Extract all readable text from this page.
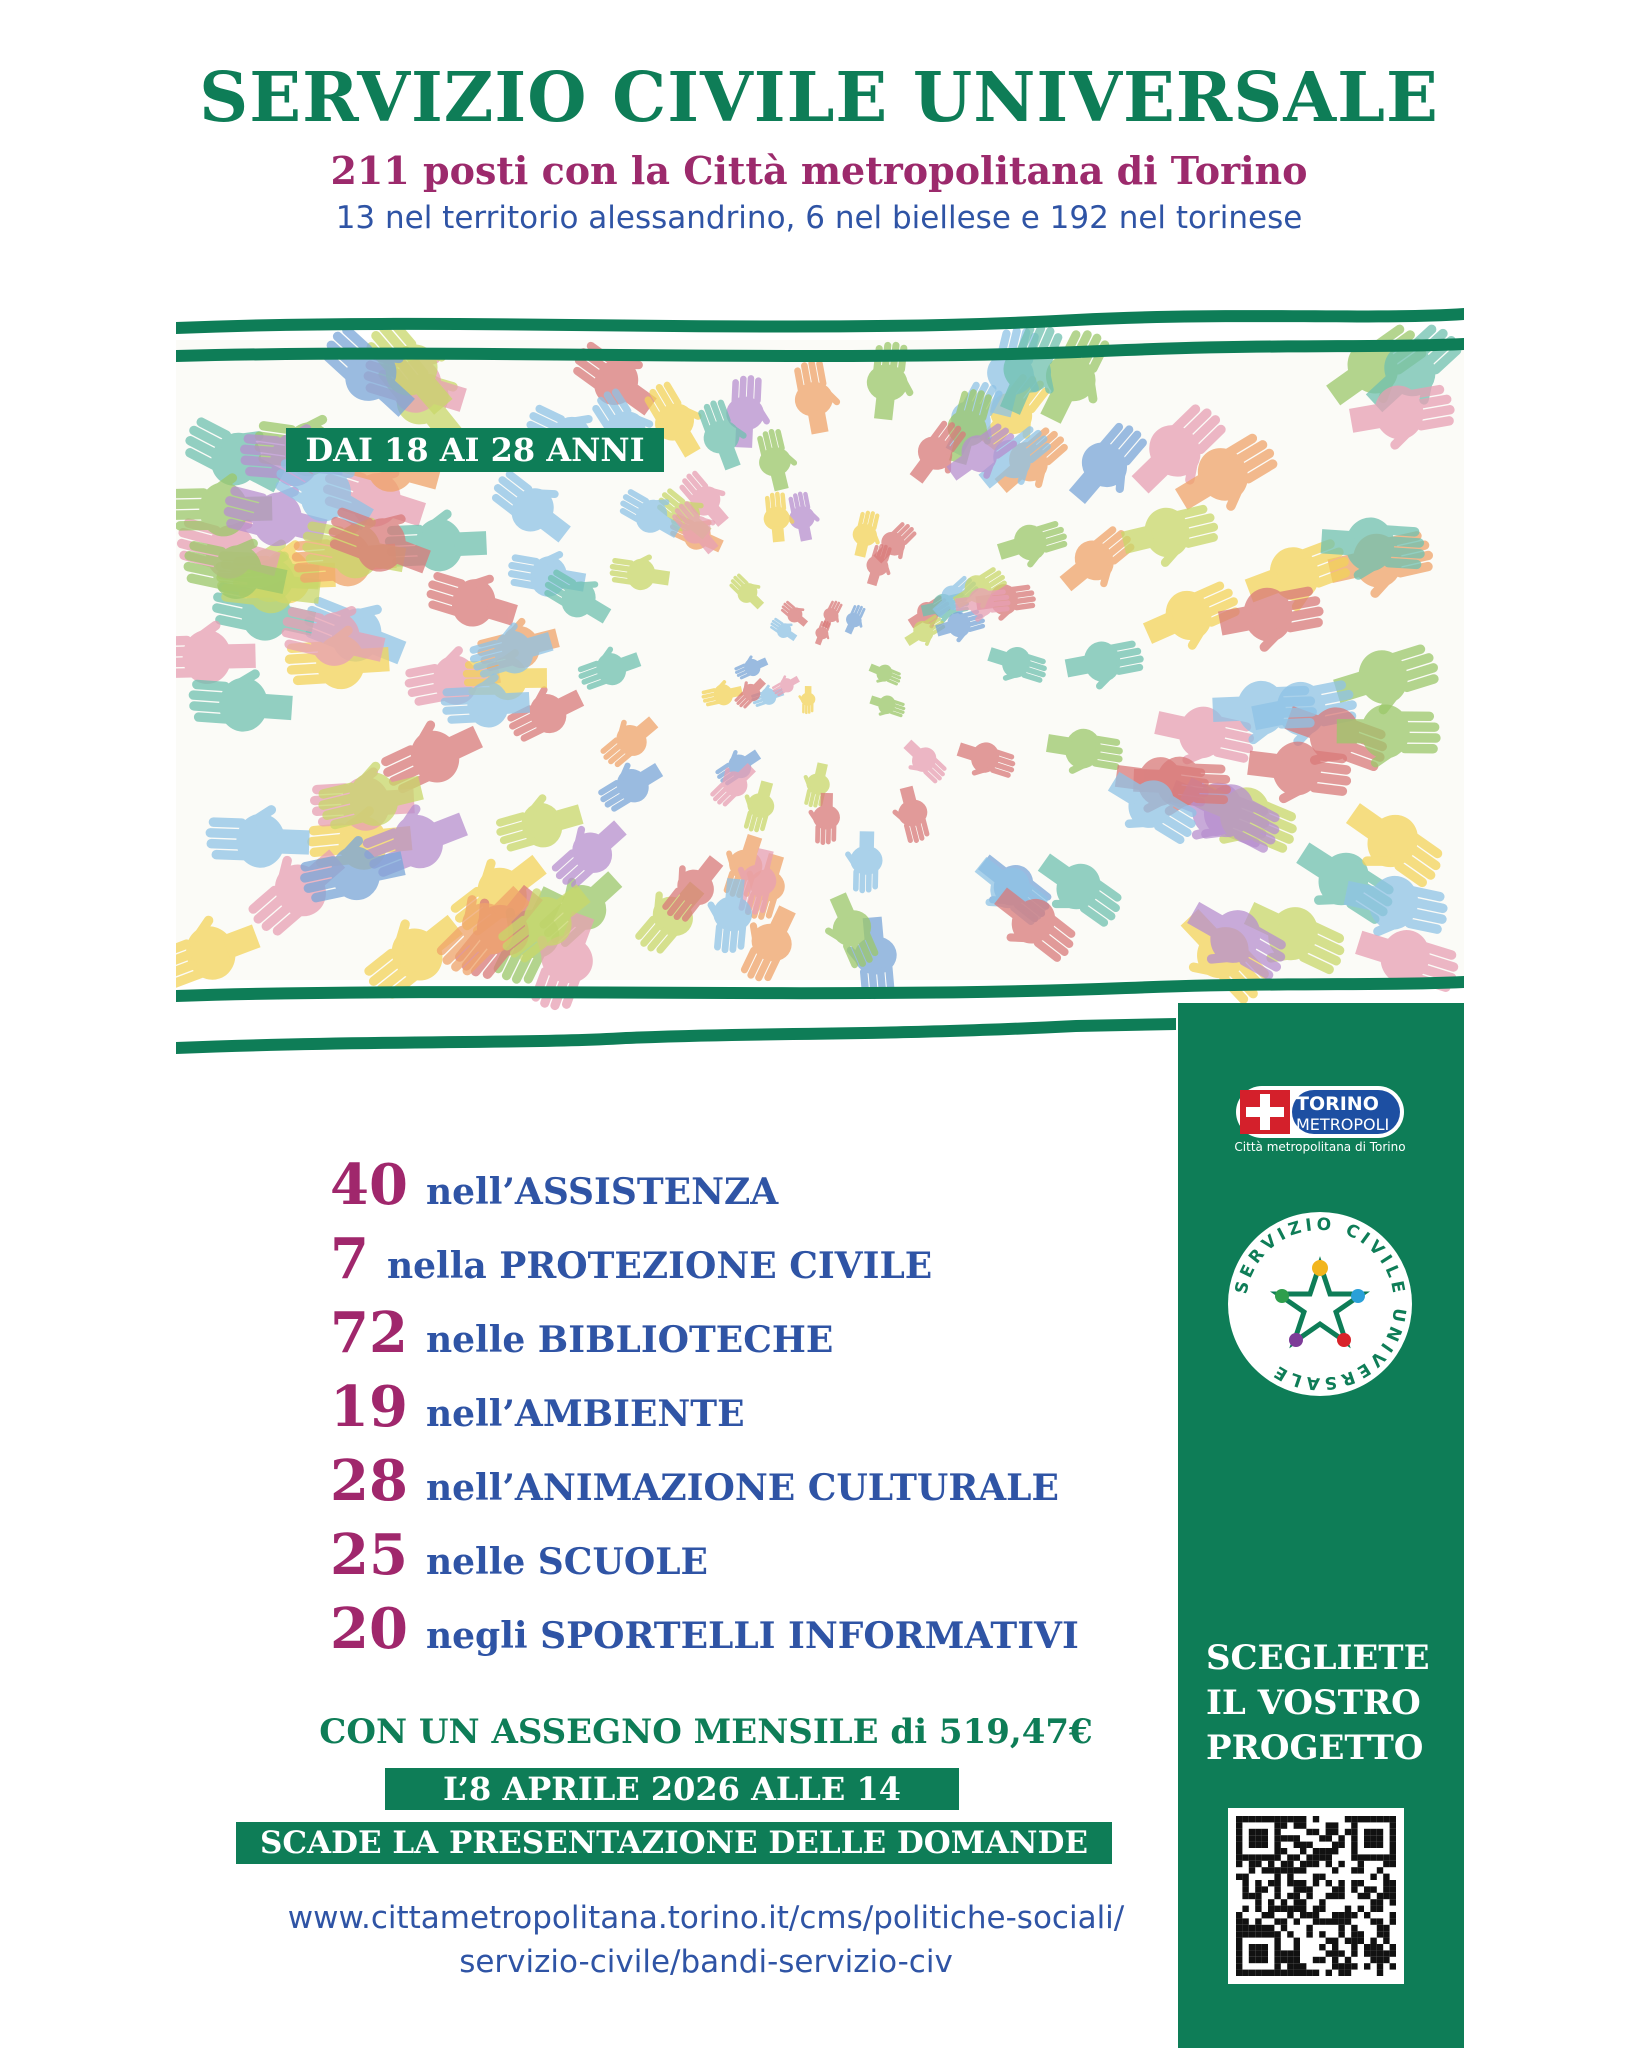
SERVIZIO CIVILE UNIVERSALE
211 posti con la Città metropolitana di Torino
13 nel territorio alessandrino, 6 nel biellese e 192 nel torinese
DAI 18 AI 28 ANNI
TORINO
METROPOLI
Città metropolitana di Torino
SERVIZIO CIVILE UNIVERSALE
SCEGLIETE
IL VOSTRO
PROGETTO
40 nell’ASSISTENZA
7 nella PROTEZIONE CIVILE
72 nelle BIBLIOTECHE
19 nell’AMBIENTE
28 nell’ANIMAZIONE CULTURALE
25 nelle SCUOLE
20 negli SPORTELLI INFORMATIVI
CON UN ASSEGNO MENSILE di 519,47€
L’8 APRILE 2026 ALLE 14
SCADE LA PRESENTAZIONE DELLE DOMANDE
www.cittametropolitana.torino.it/cms/politiche-sociali/
servizio-civile/bandi-servizio-civ
